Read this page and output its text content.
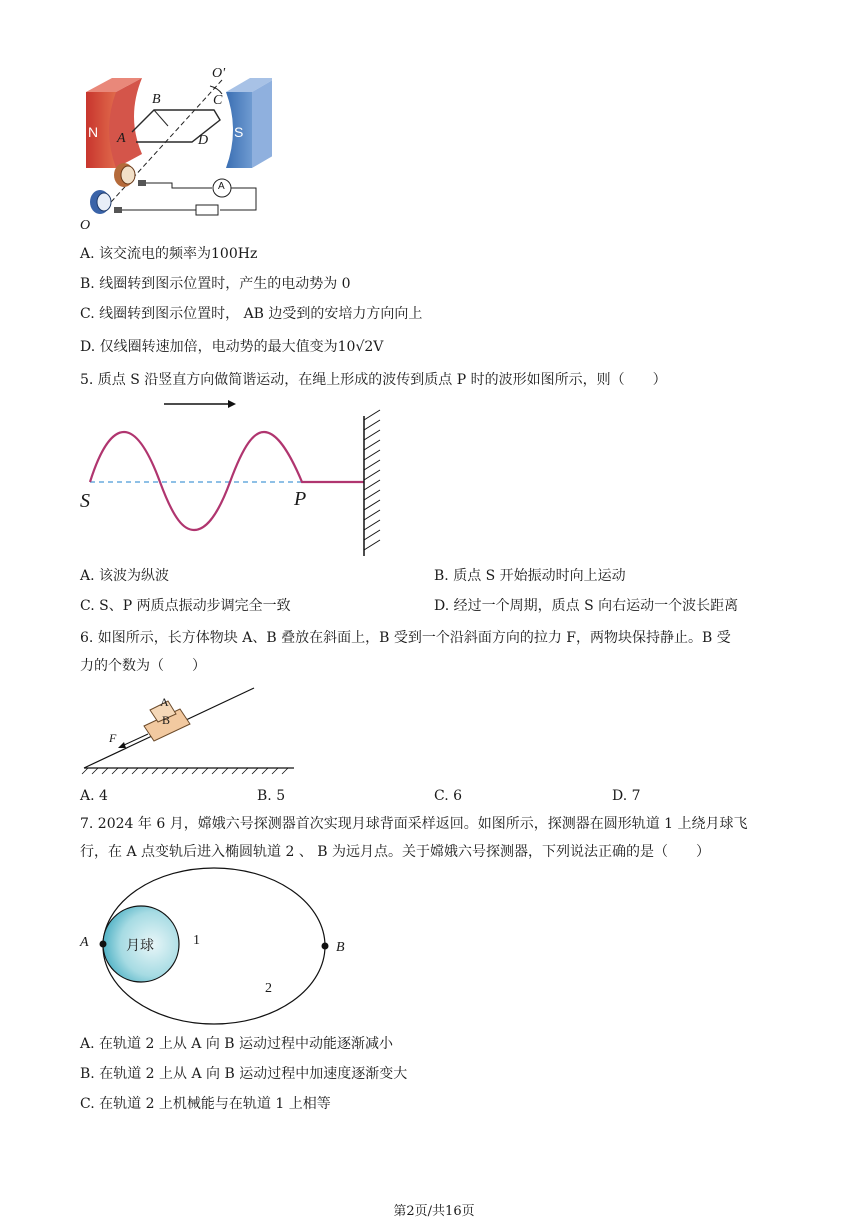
O'
B	C
N A	D
S
A
O
A. 该交流电的频率为100Hz
B. 线圈转到图示位置时，产生的电动势为 0
C. 线圈转到图示位置时， AB 边受到的安培力方向向上
D. 仅线圈转速加倍，电动势的最大值变为10√2V
5. 质点 S 沿竖直方向做简谐运动，在绳上形成的波传到质点 P 时的波形如图所示，则（　　）
S	P
A. 该波为纵波	B. 质点 S 开始振动时向上运动
C. S、P 两质点振动步调完全一致	D. 经过一个周期，质点 S 向右运动一个波长距离
6. 如图所示，长方体物块 A、B 叠放在斜面上，B 受到一个沿斜面方向的拉力 F，两物块保持静止。B 受
力的个数为（　　）
A
B
F
A. 4	B. 5	C. 6	D. 7
7. 2024 年 6 月，嫦娥六号探测器首次实现月球背面采样返回。如图所示，探测器在圆形轨道 1 上绕月球飞
行，在 A 点变轨后进入椭圆轨道 2 、 B 为远月点。关于嫦娥六号探测器，下列说法正确的是（　　）
A	月球	1	B
2
A. 在轨道 2 上从 A 向 B 运动过程中动能逐渐减小
B. 在轨道 2 上从 A 向 B 运动过程中加速度逐渐变大
C. 在轨道 2 上机械能与在轨道 1 上相等
第2页/共16页
